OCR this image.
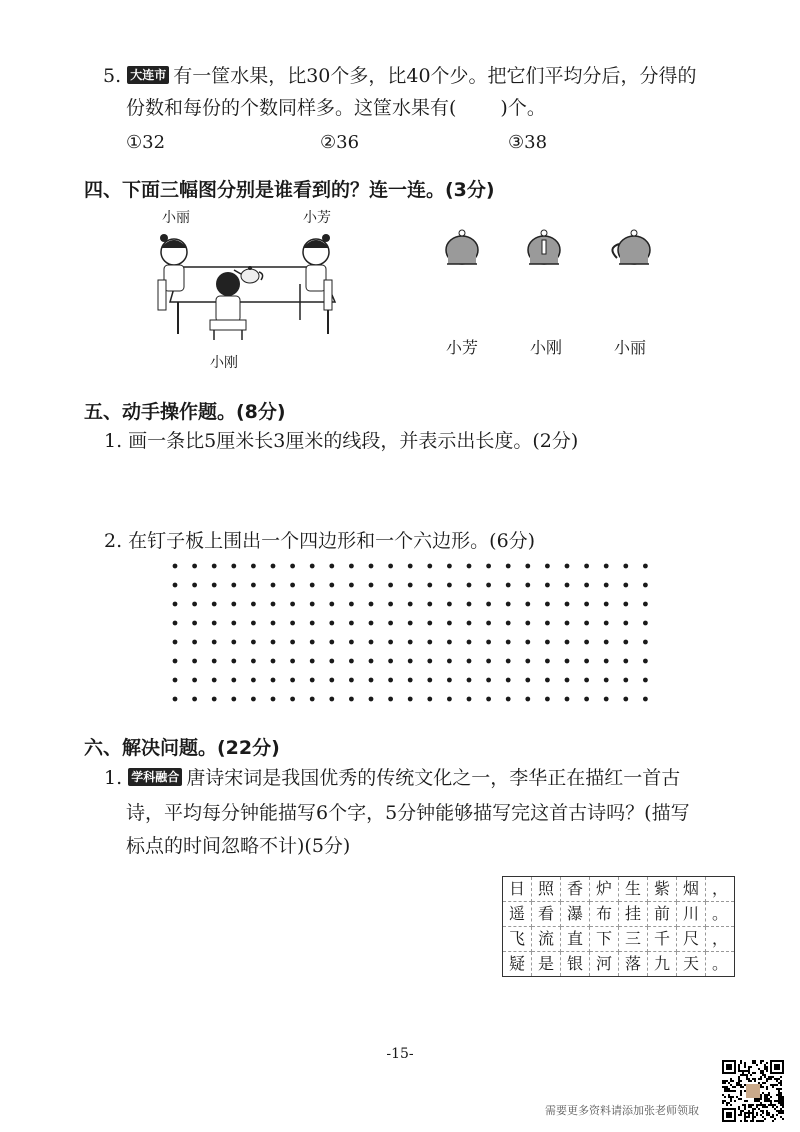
5. 大连市 有一筐水果，比30个多，比40个少。把它们平均分后，分得的
份数和每份的个数同样多。这筐水果有( )个。
①32	②36	③38
四、下面三幅图分别是谁看到的？连一连。(3分)
小丽	小芳
小刚
小芳	小刚	小丽
五、动手操作题。(8分)
1. 画一条比5厘米长3厘米的线段，并表示出长度。(2分)
2. 在钉子板上围出一个四边形和一个六边形。(6分)
六、解决问题。(22分)
1. 学科融合 唐诗宋词是我国优秀的传统文化之一，李华正在描红一首古
诗，平均每分钟能描写6个字，5分钟能够描写完这首古诗吗？(描写
标点的时间忽略不计)(5分)
日 照 香 炉 生 紫 烟 ，
遥 看 瀑 布 挂 前 川 。
飞 流 直 下 三 千 尺 ，
疑 是 银 河 落 九 天 。
-15-
需要更多资料请添加张老师领取
